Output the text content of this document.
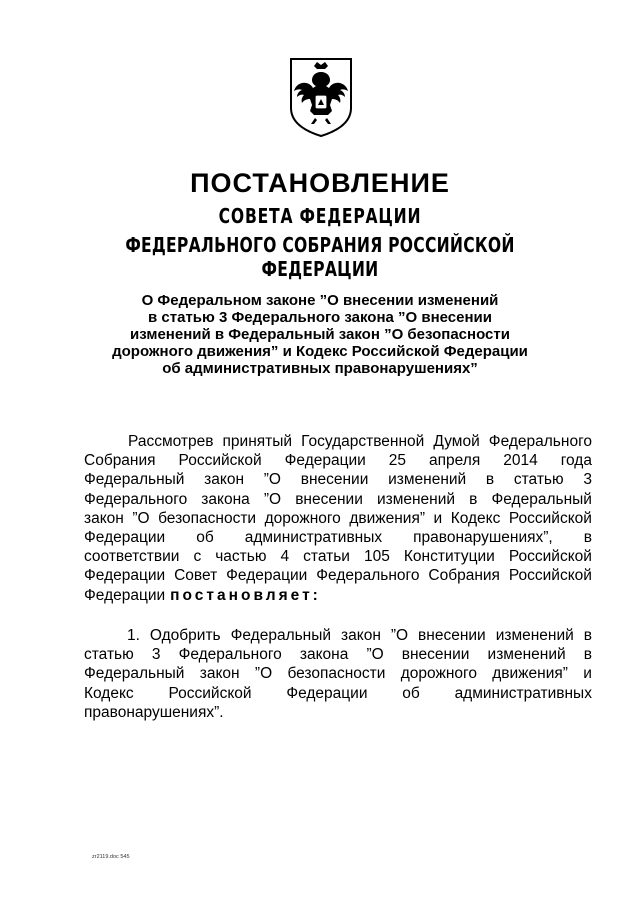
ПОСТАНОВЛЕНИЕ
СОВЕТА ФЕДЕРАЦИИ
ФЕДЕРАЛЬНОГО СОБРАНИЯ РОССИЙСКОЙ ФЕДЕРАЦИИ
О Федеральном законе ”О внесении изменений
в статью 3 Федерального закона ”О внесении
изменений в Федеральный закон ”О безопасности
дорожного движения” и Кодекс Российской Федерации
об административных правонарушениях”
Рассмотрев принятый Государственной Думой Федерального
Собрания Российской Федерации 25 апреля 2014 года
Федеральный закон ”О внесении изменений в статью 3
Федерального закона ”О внесении изменений в Федеральный
закон ”О безопасности дорожного движения” и Кодекс Российской
Федерации об административных правонарушениях”, в
соответствии с частью 4 статьи 105 Конституции Российской
Федерации Совет Федерации Федерального Собрания Российской
Федерации постановляет:
1. Одобрить Федеральный закон ”О внесении изменений в
статью 3 Федерального закона ”О внесении изменений в
Федеральный закон ”О безопасности дорожного движения” и
Кодекс Российской Федерации об административных
правонарушениях”.
zr2119.doc 545
